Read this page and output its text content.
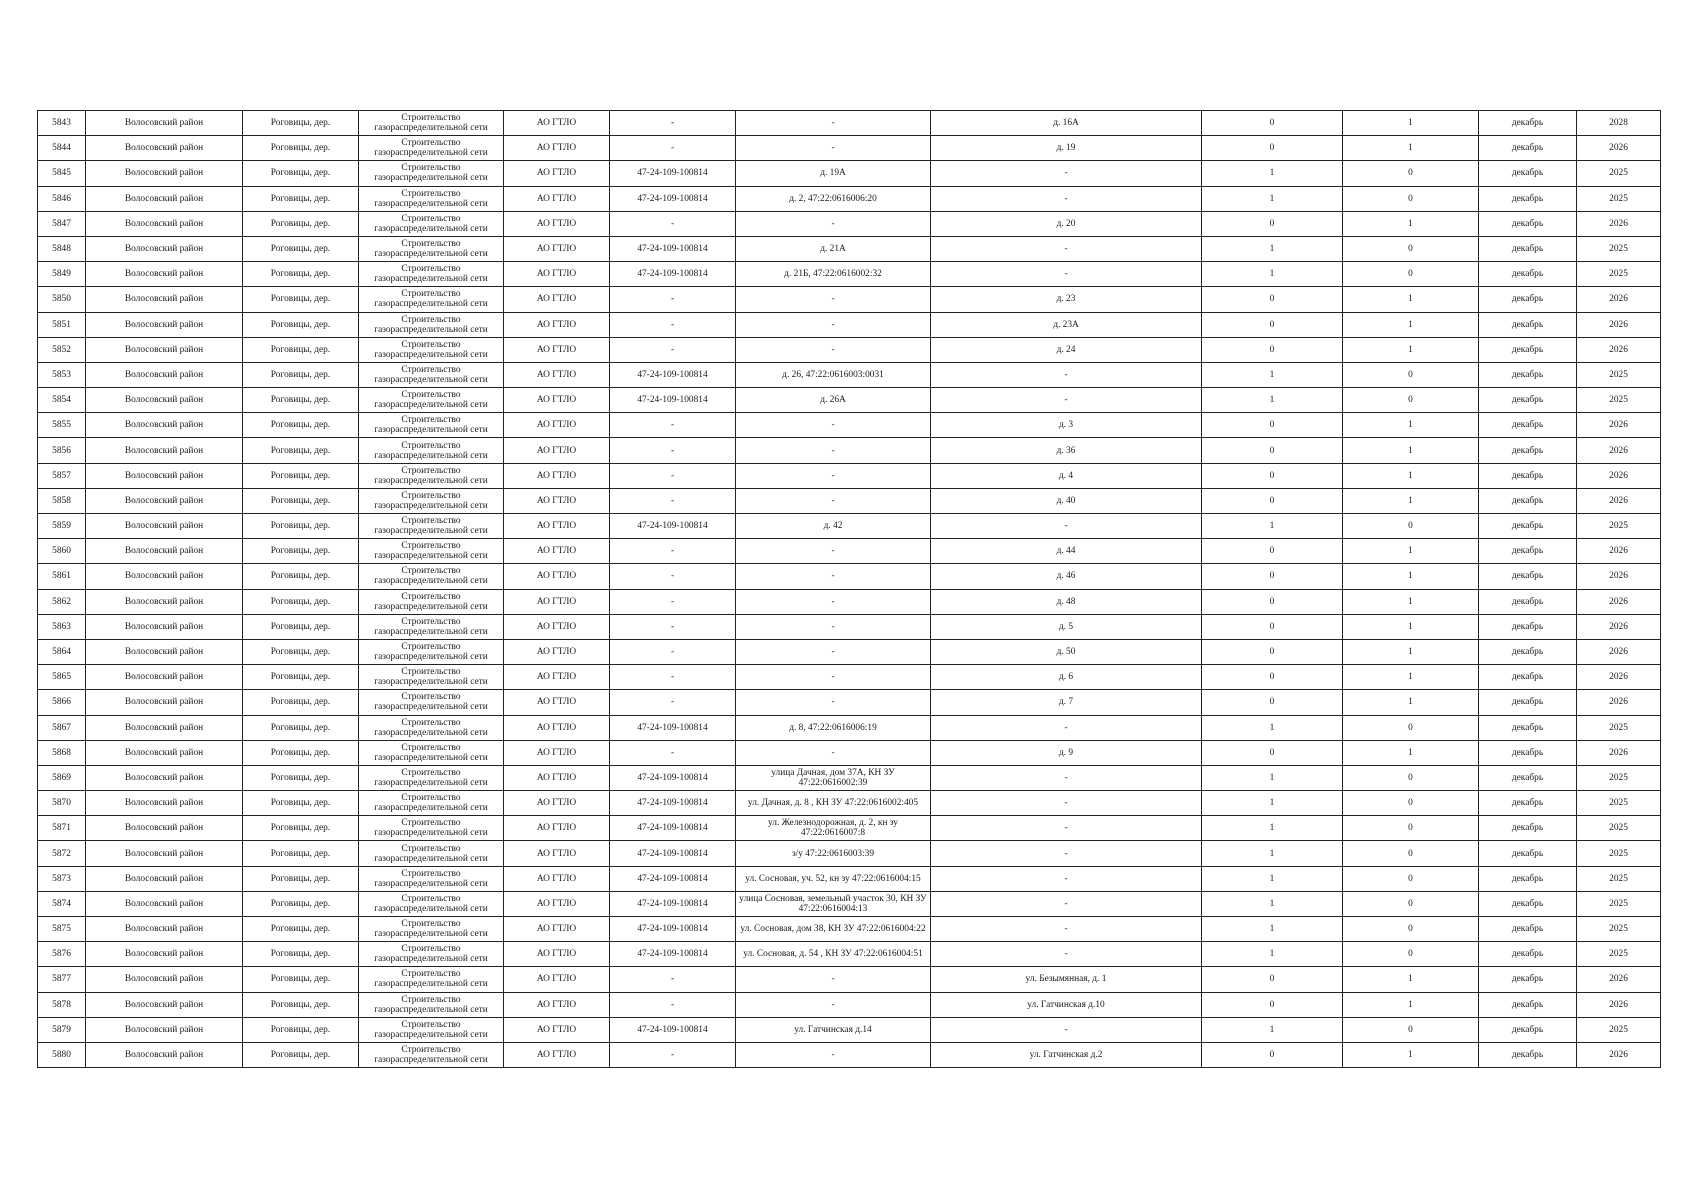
5843	Волосовский район	Роговицы, дер.	Строительство газораспределительной сети	АО ГТЛО	-	-	д. 16А	0	1	декабрь	2028
5844	Волосовский район	Роговицы, дер.	Строительство газораспределительной сети	АО ГТЛО	-	-	д. 19	0	1	декабрь	2026
5845	Волосовский район	Роговицы, дер.	Строительство газораспределительной сети	АО ГТЛО	47-24-109-100814	д. 19А	-	1	0	декабрь	2025
5846	Волосовский район	Роговицы, дер.	Строительство газораспределительной сети	АО ГТЛО	47-24-109-100814	д. 2, 47:22:0616006:20	-	1	0	декабрь	2025
5847	Волосовский район	Роговицы, дер.	Строительство газораспределительной сети	АО ГТЛО	-	-	д. 20	0	1	декабрь	2026
5848	Волосовский район	Роговицы, дер.	Строительство газораспределительной сети	АО ГТЛО	47-24-109-100814	д. 21А	-	1	0	декабрь	2025
5849	Волосовский район	Роговицы, дер.	Строительство газораспределительной сети	АО ГТЛО	47-24-109-100814	д. 21Б, 47:22:0616002:32	-	1	0	декабрь	2025
5850	Волосовский район	Роговицы, дер.	Строительство газораспределительной сети	АО ГТЛО	-	-	д. 23	0	1	декабрь	2026
5851	Волосовский район	Роговицы, дер.	Строительство газораспределительной сети	АО ГТЛО	-	-	д. 23А	0	1	декабрь	2026
5852	Волосовский район	Роговицы, дер.	Строительство газораспределительной сети	АО ГТЛО	-	-	д. 24	0	1	декабрь	2026
5853	Волосовский район	Роговицы, дер.	Строительство газораспределительной сети	АО ГТЛО	47-24-109-100814	д. 26, 47:22:0616003:0031	-	1	0	декабрь	2025
5854	Волосовский район	Роговицы, дер.	Строительство газораспределительной сети	АО ГТЛО	47-24-109-100814	д. 26А	-	1	0	декабрь	2025
5855	Волосовский район	Роговицы, дер.	Строительство газораспределительной сети	АО ГТЛО	-	-	д. 3	0	1	декабрь	2026
5856	Волосовский район	Роговицы, дер.	Строительство газораспределительной сети	АО ГТЛО	-	-	д. 36	0	1	декабрь	2026
5857	Волосовский район	Роговицы, дер.	Строительство газораспределительной сети	АО ГТЛО	-	-	д. 4	0	1	декабрь	2026
5858	Волосовский район	Роговицы, дер.	Строительство газораспределительной сети	АО ГТЛО	-	-	д. 40	0	1	декабрь	2026
5859	Волосовский район	Роговицы, дер.	Строительство газораспределительной сети	АО ГТЛО	47-24-109-100814	д. 42	-	1	0	декабрь	2025
5860	Волосовский район	Роговицы, дер.	Строительство газораспределительной сети	АО ГТЛО	-	-	д. 44	0	1	декабрь	2026
5861	Волосовский район	Роговицы, дер.	Строительство газораспределительной сети	АО ГТЛО	-	-	д. 46	0	1	декабрь	2026
5862	Волосовский район	Роговицы, дер.	Строительство газораспределительной сети	АО ГТЛО	-	-	д. 48	0	1	декабрь	2026
5863	Волосовский район	Роговицы, дер.	Строительство газораспределительной сети	АО ГТЛО	-	-	д. 5	0	1	декабрь	2026
5864	Волосовский район	Роговицы, дер.	Строительство газораспределительной сети	АО ГТЛО	-	-	д. 50	0	1	декабрь	2026
5865	Волосовский район	Роговицы, дер.	Строительство газораспределительной сети	АО ГТЛО	-	-	д. 6	0	1	декабрь	2026
5866	Волосовский район	Роговицы, дер.	Строительство газораспределительной сети	АО ГТЛО	-	-	д. 7	0	1	декабрь	2026
5867	Волосовский район	Роговицы, дер.	Строительство газораспределительной сети	АО ГТЛО	47-24-109-100814	д. 8, 47:22:0616006:19	-	1	0	декабрь	2025
5868	Волосовский район	Роговицы, дер.	Строительство газораспределительной сети	АО ГТЛО	-	-	д. 9	0	1	декабрь	2026
5869	Волосовский район	Роговицы, дер.	Строительство газораспределительной сети	АО ГТЛО	47-24-109-100814	улица Дачная, дом 37А, КН ЗУ 47:22:0616002:39	-	1	0	декабрь	2025
5870	Волосовский район	Роговицы, дер.	Строительство газораспределительной сети	АО ГТЛО	47-24-109-100814	ул. Дачная, д. 8 , КН ЗУ 47:22:0616002:405	-	1	0	декабрь	2025
5871	Волосовский район	Роговицы, дер.	Строительство газораспределительной сети	АО ГТЛО	47-24-109-100814	ул. Железнодорожная, д. 2, кн зу 47:22:0616007:8	-	1	0	декабрь	2025
5872	Волосовский район	Роговицы, дер.	Строительство газораспределительной сети	АО ГТЛО	47-24-109-100814	з/у 47:22:0616003:39	-	1	0	декабрь	2025
5873	Волосовский район	Роговицы, дер.	Строительство газораспределительной сети	АО ГТЛО	47-24-109-100814	ул. Сосновая, уч. 52, кн зу 47:22:0616004:15	-	1	0	декабрь	2025
5874	Волосовский район	Роговицы, дер.	Строительство газораспределительной сети	АО ГТЛО	47-24-109-100814	улица Сосновая, земельный участок 30, КН ЗУ 47:22:0616004:13	-	1	0	декабрь	2025
5875	Волосовский район	Роговицы, дер.	Строительство газораспределительной сети	АО ГТЛО	47-24-109-100814	ул. Сосновая, дом 38, КН ЗУ 47:22:0616004:22	-	1	0	декабрь	2025
5876	Волосовский район	Роговицы, дер.	Строительство газораспределительной сети	АО ГТЛО	47-24-109-100814	ул. Сосновая, д. 54 , КН ЗУ 47:22:0616004:51	-	1	0	декабрь	2025
5877	Волосовский район	Роговицы, дер.	Строительство газораспределительной сети	АО ГТЛО	-	-	ул. Безымянная, д. 1	0	1	декабрь	2026
5878	Волосовский район	Роговицы, дер.	Строительство газораспределительной сети	АО ГТЛО	-	-	ул. Гатчинская д.10	0	1	декабрь	2026
5879	Волосовский район	Роговицы, дер.	Строительство газораспределительной сети	АО ГТЛО	47-24-109-100814	ул. Гатчинская д.14	-	1	0	декабрь	2025
5880	Волосовский район	Роговицы, дер.	Строительство газораспределительной сети	АО ГТЛО	-	-	ул. Гатчинская д.2	0	1	декабрь	2026
